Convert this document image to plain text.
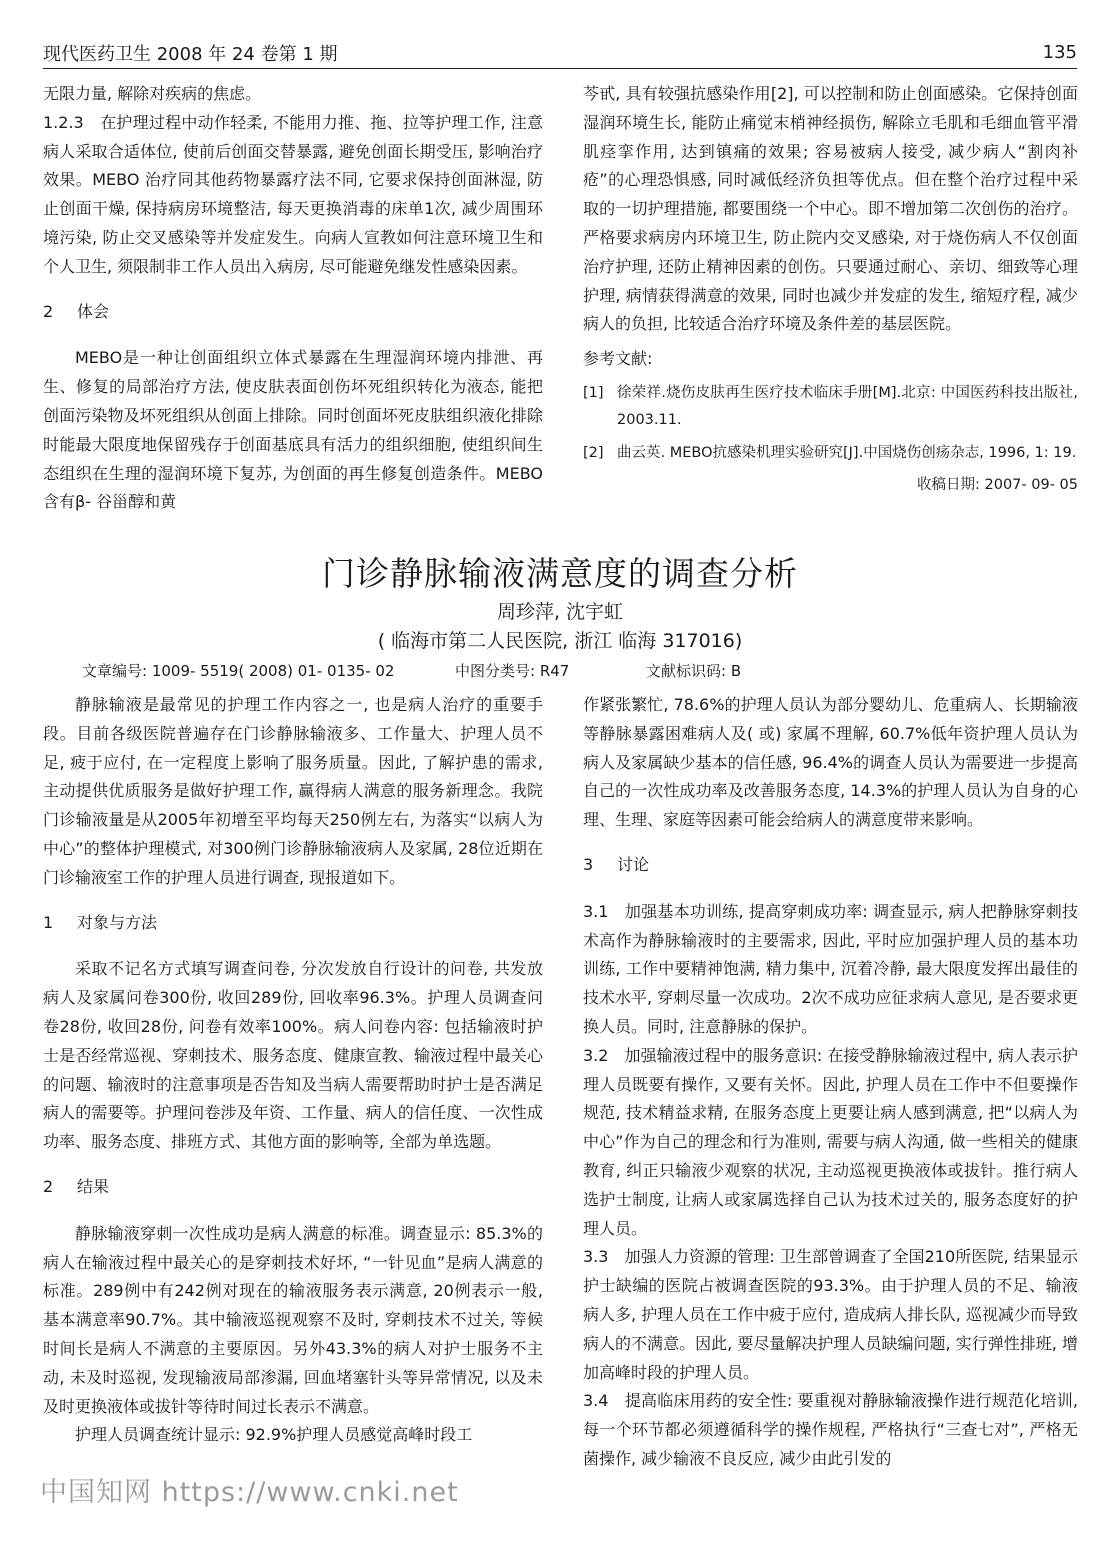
现代医药卫生 2008 年 24 卷第 1 期	135

无限力量, 解除对疾病的焦虑。

1.2.3　在护理过程中动作轻柔, 不能用力推、拖、拉等护理工作, 注意病人采取合适体位, 使前后创面交替暴露, 避免创面长期受压, 影响治疗效果。MEBO 治疗同其他药物暴露疗法不同, 它要求保持创面淋湿, 防止创面干燥, 保持病房环境整洁, 每天更换消毒的床单1次, 减少周围环境污染, 防止交叉感染等并发症发生。向病人宣教如何注意环境卫生和个人卫生, 须限制非工作人员出入病房, 尽可能避免继发性感染因素。

2 体会

MEBO是一种让创面组织立体式暴露在生理湿润环境内排泄、再生、修复的局部治疗方法, 使皮肤表面创伤坏死组织转化为液态, 能把创面污染物及坏死组织从创面上排除。同时创面坏死皮肤组织液化排除时能最大限度地保留残存于创面基底具有活力的组织细胞, 使组织间生态组织在生理的湿润环境下复苏, 为创面的再生修复创造条件。MEBO含有β- 谷甾醇和黄

芩甙, 具有较强抗感染作用[2], 可以控制和防止创面感染。它保持创面湿润环境生长, 能防止痛觉末梢神经损伤, 解除立毛肌和毛细血管平滑肌痉挛作用, 达到镇痛的效果; 容易被病人接受, 减少病人“割肉补疮”的心理恐惧感, 同时减低经济负担等优点。但在整个治疗过程中采取的一切护理措施, 都要围绕一个中心。即不增加第二次创伤的治疗。严格要求病房内环境卫生, 防止院内交叉感染, 对于烧伤病人不仅创面治疗护理, 还防止精神因素的创伤。只要通过耐心、亲切、细致等心理护理, 病情获得满意的效果, 同时也减少并发症的发生, 缩短疗程, 减少病人的负担, 比较适合治疗环境及条件差的基层医院。

参考文献:

[1] 徐荣祥.烧伤皮肤再生医疗技术临床手册[M].北京: 中国医药科技出版社, 2003.11.
[2] 曲云英. MEBO抗感染机理实验研究[J].中国烧伤创疡杂志, 1996, 1: 19.
收稿日期: 2007- 09- 05
门诊静脉输液满意度的调查分析
周珍萍, 沈宇虹
( 临海市第二人民医院, 浙江 临海 317016)
文章编号: 1009- 5519( 2008) 01- 0135- 02	中图分类号: R47	文献标识码: B

静脉输液是最常见的护理工作内容之一, 也是病人治疗的重要手段。目前各级医院普遍存在门诊静脉输液多、工作量大、护理人员不足, 疲于应付, 在一定程度上影响了服务质量。因此, 了解护患的需求, 主动提供优质服务是做好护理工作, 赢得病人满意的服务新理念。我院门诊输液量是从2005年初增至平均每天250例左右, 为落实“以病人为中心”的整体护理模式, 对300例门诊静脉输液病人及家属, 28位近期在门诊输液室工作的护理人员进行调查, 现报道如下。

1 对象与方法

采取不记名方式填写调查问卷, 分次发放自行设计的问卷, 共发放病人及家属问卷300份, 收回289份, 回收率96.3%。护理人员调查问卷28份, 收回28份, 问卷有效率100%。病人问卷内容: 包括输液时护士是否经常巡视、穿刺技术、服务态度、健康宣教、输液过程中最关心的问题、输液时的注意事项是否告知及当病人需要帮助时护士是否满足病人的需要等。护理问卷涉及年资、工作量、病人的信任度、一次性成功率、服务态度、排班方式、其他方面的影响等, 全部为单选题。

2 结果

静脉输液穿刺一次性成功是病人满意的标准。调查显示: 85.3%的病人在输液过程中最关心的是穿刺技术好坏, “一针见血”是病人满意的标准。289例中有242例对现在的输液服务表示满意, 20例表示一般, 基本满意率90.7%。其中输液巡视观察不及时, 穿刺技术不过关, 等候时间长是病人不满意的主要原因。另外43.3%的病人对护士服务不主动, 未及时巡视, 发现输液局部渗漏, 回血堵塞针头等异常情况, 以及未及时更换液体或拔针等待时间过长表示不满意。

护理人员调查统计显示: 92.9%护理人员感觉高峰时段工

作紧张繁忙, 78.6%的护理人员认为部分婴幼儿、危重病人、长期输液等静脉暴露困难病人及( 或) 家属不理解, 60.7%低年资护理人员认为病人及家属缺少基本的信任感, 96.4%的调查人员认为需要进一步提高自己的一次性成功率及改善服务态度, 14.3%的护理人员认为自身的心理、生理、家庭等因素可能会给病人的满意度带来影响。

3 讨论

3.1　加强基本功训练, 提高穿刺成功率: 调查显示, 病人把静脉穿刺技术高作为静脉输液时的主要需求, 因此, 平时应加强护理人员的基本功训练, 工作中要精神饱满, 精力集中, 沉着冷静, 最大限度发挥出最佳的技术水平, 穿刺尽量一次成功。2次不成功应征求病人意见, 是否要求更换人员。同时, 注意静脉的保护。

3.2　加强输液过程中的服务意识: 在接受静脉输液过程中, 病人表示护理人员既要有操作, 又要有关怀。因此, 护理人员在工作中不但要操作规范, 技术精益求精, 在服务态度上更要让病人感到满意, 把“以病人为中心”作为自己的理念和行为准则, 需要与病人沟通, 做一些相关的健康教育, 纠正只输液少观察的状况, 主动巡视更换液体或拔针。推行病人选护士制度, 让病人或家属选择自己认为技术过关的, 服务态度好的护理人员。

3.3　加强人力资源的管理: 卫生部曾调查了全国210所医院, 结果显示护士缺编的医院占被调查医院的93.3%。由于护理人员的不足、输液病人多, 护理人员在工作中疲于应付, 造成病人排长队, 巡视减少而导致病人的不满意。因此, 要尽量解决护理人员缺编问题, 实行弹性排班, 增加高峰时段的护理人员。

3.4　提高临床用药的安全性: 要重视对静脉输液操作进行规范化培训, 每一个环节都必须遵循科学的操作规程, 严格执行“三查七对”, 严格无菌操作, 减少输液不良反应, 减少由此引发的

中国知网 https://www.cnki.net
